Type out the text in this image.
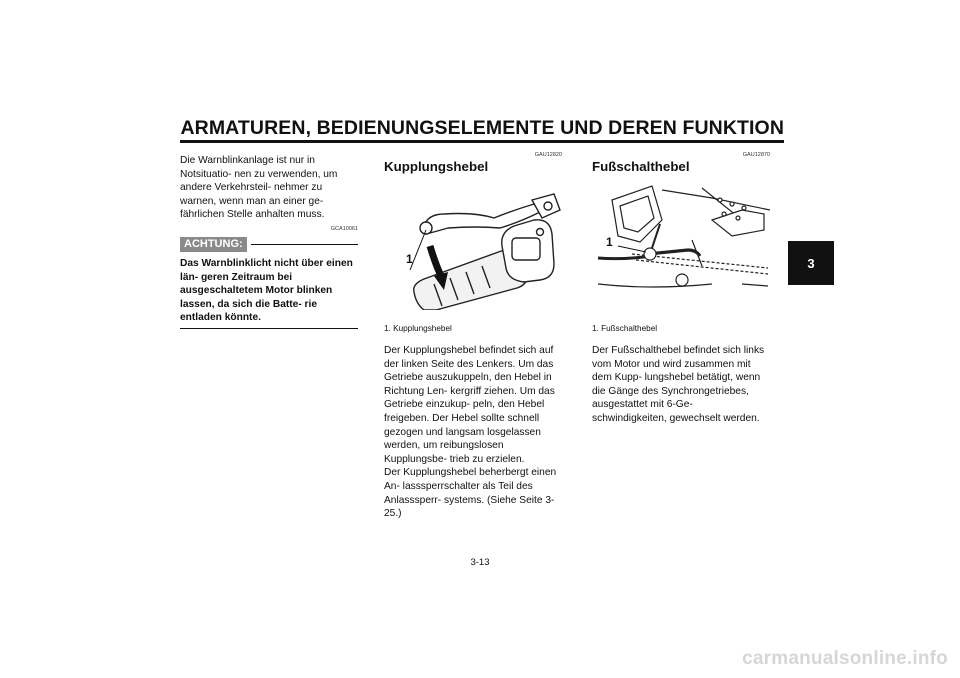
ARMATUREN, BEDIENUNGSELEMENTE UND DEREN FUNKTION
3

Die Warnblinkanlage ist nur in Notsituatio- nen zu verwenden, um andere Verkehrsteil- nehmer zu warnen, wenn man an einer ge- fährlichen Stelle anhalten muss.

GCA10061

ACHTUNG:

Das Warnblinklicht nicht über einen län- geren Zeitraum bei ausgeschaltetem Motor blinken lassen, da sich die Batte- rie entladen könnte.

GAU12820

Kupplungshebel
1

1. Kupplungshebel

Der Kupplungshebel befindet sich auf der linken Seite des Lenkers. Um das Getriebe auszukuppeln, den Hebel in Richtung Len- kergriff ziehen. Um das Getriebe einzukup- peln, den Hebel freigeben. Der Hebel sollte schnell gezogen und langsam losgelassen werden, um reibungslosen Kupplungsbe- trieb zu erzielen.

Der Kupplungshebel beherbergt einen An- lasssperrschalter als Teil des Anlasssperr- systems. (Siehe Seite 3-25.)

GAU12870

Fußschalthebel
1

1. Fußschalthebel

Der Fußschalthebel befindet sich links vom Motor und wird zusammen mit dem Kupp- lungshebel betätigt, wenn die Gänge des Synchrongetriebes, ausgestattet mit 6-Ge- schwindigkeiten, gewechselt werden.

3-13
carmanualsonline.info
